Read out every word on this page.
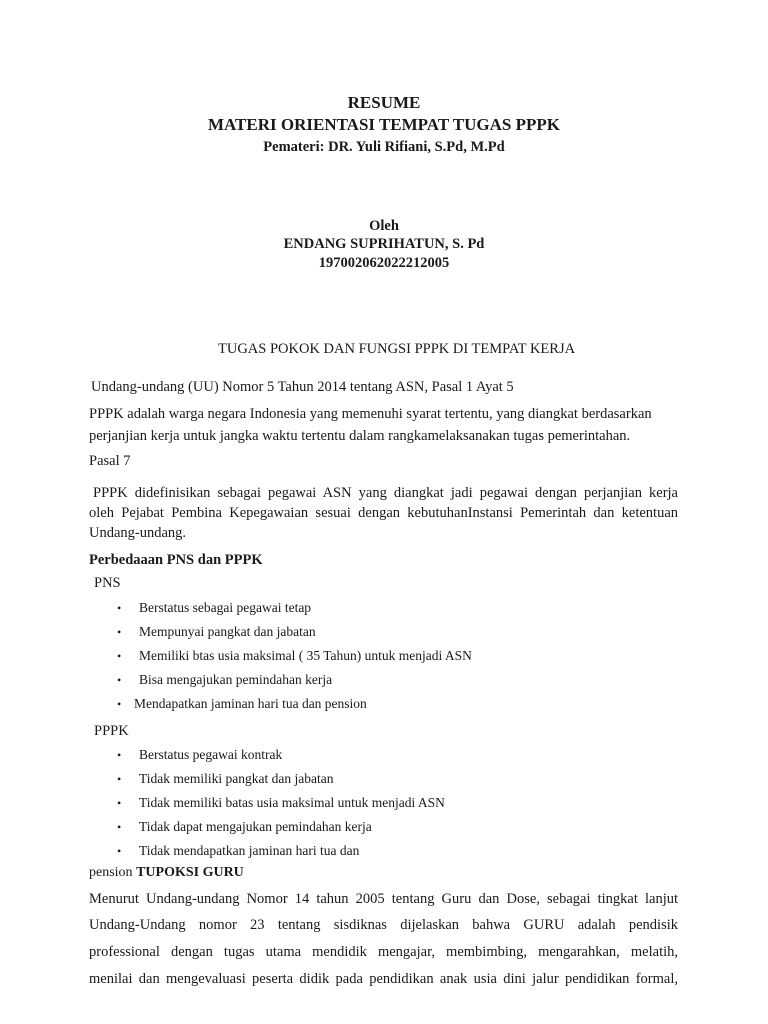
RESUME
MATERI ORIENTASI TEMPAT TUGAS PPPK
Pemateri: DR. Yuli Rifiani, S.Pd, M.Pd
Oleh
ENDANG SUPRIHATUN, S. Pd
197002062022212005
TUGAS POKOK DAN FUNGSI PPPK DI TEMPAT KERJA
Undang-undang (UU) Nomor 5 Tahun 2014 tentang ASN, Pasal 1 Ayat 5
PPPK adalah warga negara Indonesia yang memenuhi syarat tertentu, yang diangkat berdasarkan
perjanjian kerja untuk jangka waktu tertentu dalam rangkamelaksanakan tugas pemerintahan.
Pasal 7
PPPK didefinisikan sebagai pegawai ASN yang diangkat jadi pegawai dengan perjanjian kerja
oleh Pejabat Pembina Kepegawaian sesuai dengan kebutuhanInstansi Pemerintah dan ketentuan
Undang-undang.
Perbedaaan PNS dan PPPK
PNS
• Berstatus sebagai pegawai tetap
• Mempunyai pangkat dan jabatan
• Memiliki btas usia maksimal ( 35 Tahun) untuk menjadi ASN
• Bisa mengajukan pemindahan kerja
• Mendapatkan jaminan hari tua dan pension
PPPK
• Berstatus pegawai kontrak
• Tidak memiliki pangkat dan jabatan
• Tidak memiliki batas usia maksimal untuk menjadi ASN
• Tidak dapat mengajukan pemindahan kerja
• Tidak mendapatkan jaminan hari tua dan
pension TUPOKSI GURU
Menurut Undang-undang Nomor 14 tahun 2005 tentang Guru dan Dose, sebagai tingkat lanjut
Undang-Undang nomor 23 tentang sisdiknas dijelaskan bahwa GURU adalah pendisik
professional dengan tugas utama mendidik mengajar, membimbing, mengarahkan, melatih,
menilai dan mengevaluasi peserta didik pada pendidikan anak usia dini jalur pendidikan formal,
